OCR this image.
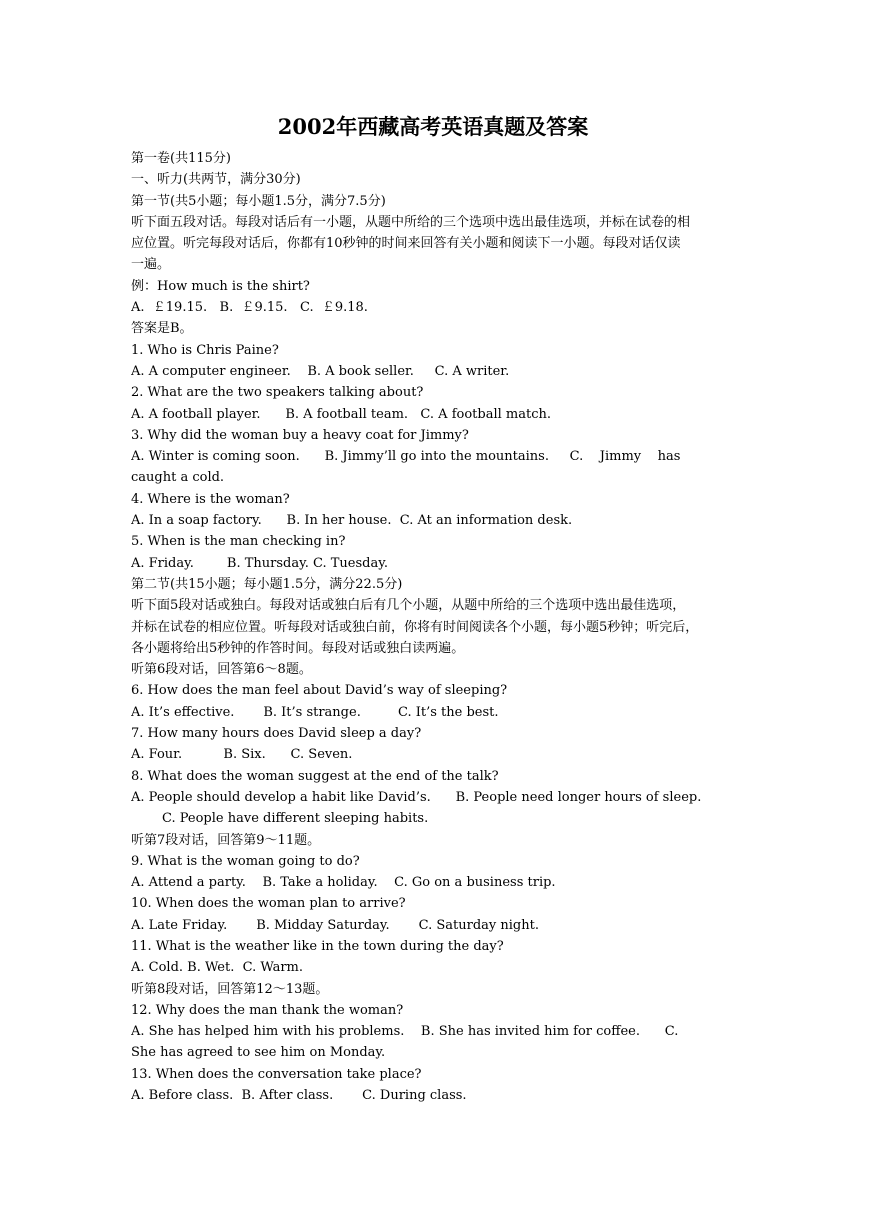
2002年西藏高考英语真题及答案
第一卷(共115分)
一、听力(共两节，满分30分)
第一节(共5小题；每小题1.5分，满分7.5分)
听下面五段对话。每段对话后有一小题，从题中所给的三个选项中选出最佳选项，并标在试卷的相
应位置。听完每段对话后，你都有10秒钟的时间来回答有关小题和阅读下一小题。每段对话仅读
一遍。
例：How much is the shirt?
A.  ￡19.15.   B.  ￡9.15.   C.  ￡9.18.
答案是B。
1. Who is Chris Paine?
A. A computer engineer.    B. A book seller.     C. A writer.
2. What are the two speakers talking about?
A. A football player.      B. A football team.   C. A football match.
3. Why did the woman buy a heavy coat for Jimmy?
A. Winter is coming soon.      B. Jimmy’ll go into the mountains.     C.    Jimmy    has
caught a cold.
4. Where is the woman?
A. In a soap factory.      B. In her house.  C. At an information desk.
5. When is the man checking in?
A. Friday.        B. Thursday. C. Tuesday.
第二节(共15小题；每小题1.5分，满分22.5分)
听下面5段对话或独白。每段对话或独白后有几个小题，从题中所给的三个选项中选出最佳选项，
并标在试卷的相应位置。听每段对话或独白前，你将有时间阅读各个小题，每小题5秒钟；听完后，
各小题将给出5秒钟的作答时间。每段对话或独白读两遍。
听第6段对话，回答第6～8题。
6. How does the man feel about David’s way of sleeping?
A. It’s effective.       B. It’s strange.         C. It’s the best.
7. How many hours does David sleep a day?
A. Four.          B. Six.      C. Seven.
8. What does the woman suggest at the end of the talk?
A. People should develop a habit like David’s.      B. People need longer hours of sleep.
C. People have different sleeping habits.
听第7段对话，回答第9～11题。
9. What is the woman going to do?
A. Attend a party.    B. Take a holiday.    C. Go on a business trip.
10. When does the woman plan to arrive?
A. Late Friday.       B. Midday Saturday.       C. Saturday night.
11. What is the weather like in the town during the day?
A. Cold. B. Wet.  C. Warm.
听第8段对话，回答第12～13题。
12. Why does the man thank the woman?
A. She has helped him with his problems.    B. She has invited him for coffee.      C.
She has agreed to see him on Monday.
13. When does the conversation take place?
A. Before class.  B. After class.       C. During class.
